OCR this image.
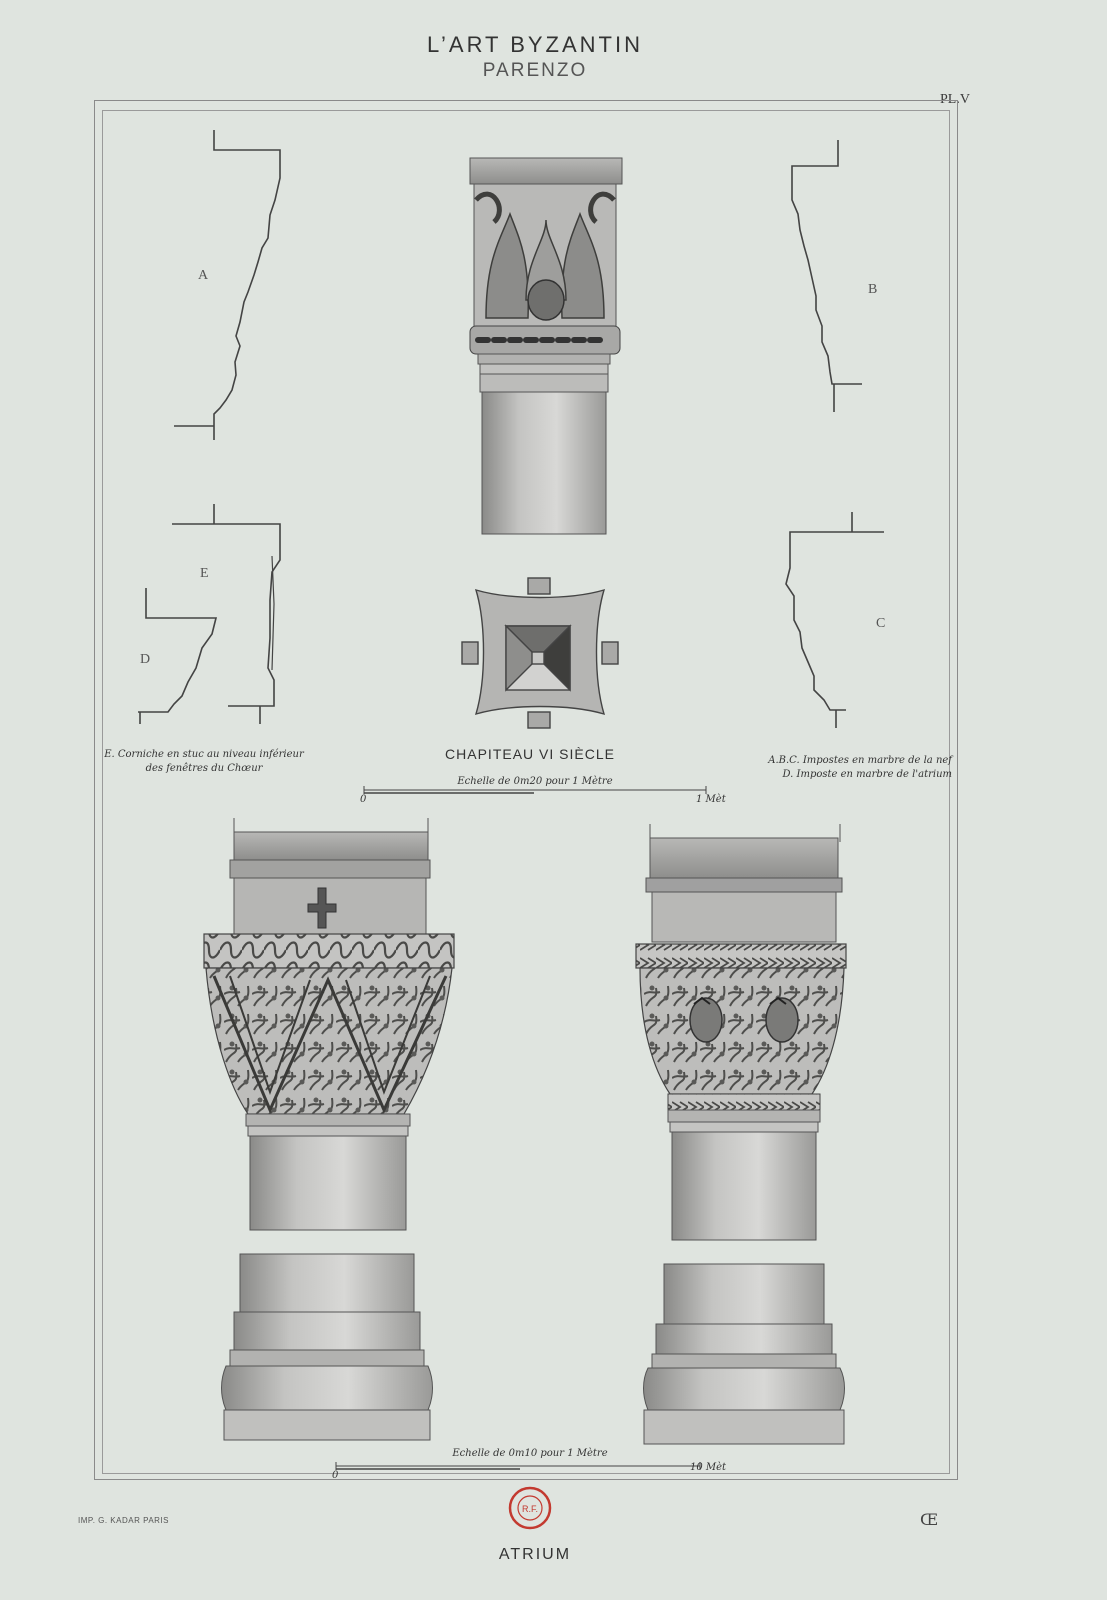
L’ART BYZANTIN
PARENZO
PL.V
R.F.
A
B
C
D
E
E. Corniche en stuc au niveau inférieur
des fenêtres du Chœur
CHAPITEAU VI SIÈCLE	A.B.C. Impostes en marbre de la nef
D. Imposte en marbre de l'atrium
Echelle de 0m20 pour 1 Mètre
0	1 Mèt
Echelle de 0m10 pour 1 Mètre
0
10 Mèt
IMP. G. KADAR PARIS	Œ
ATRIUM
